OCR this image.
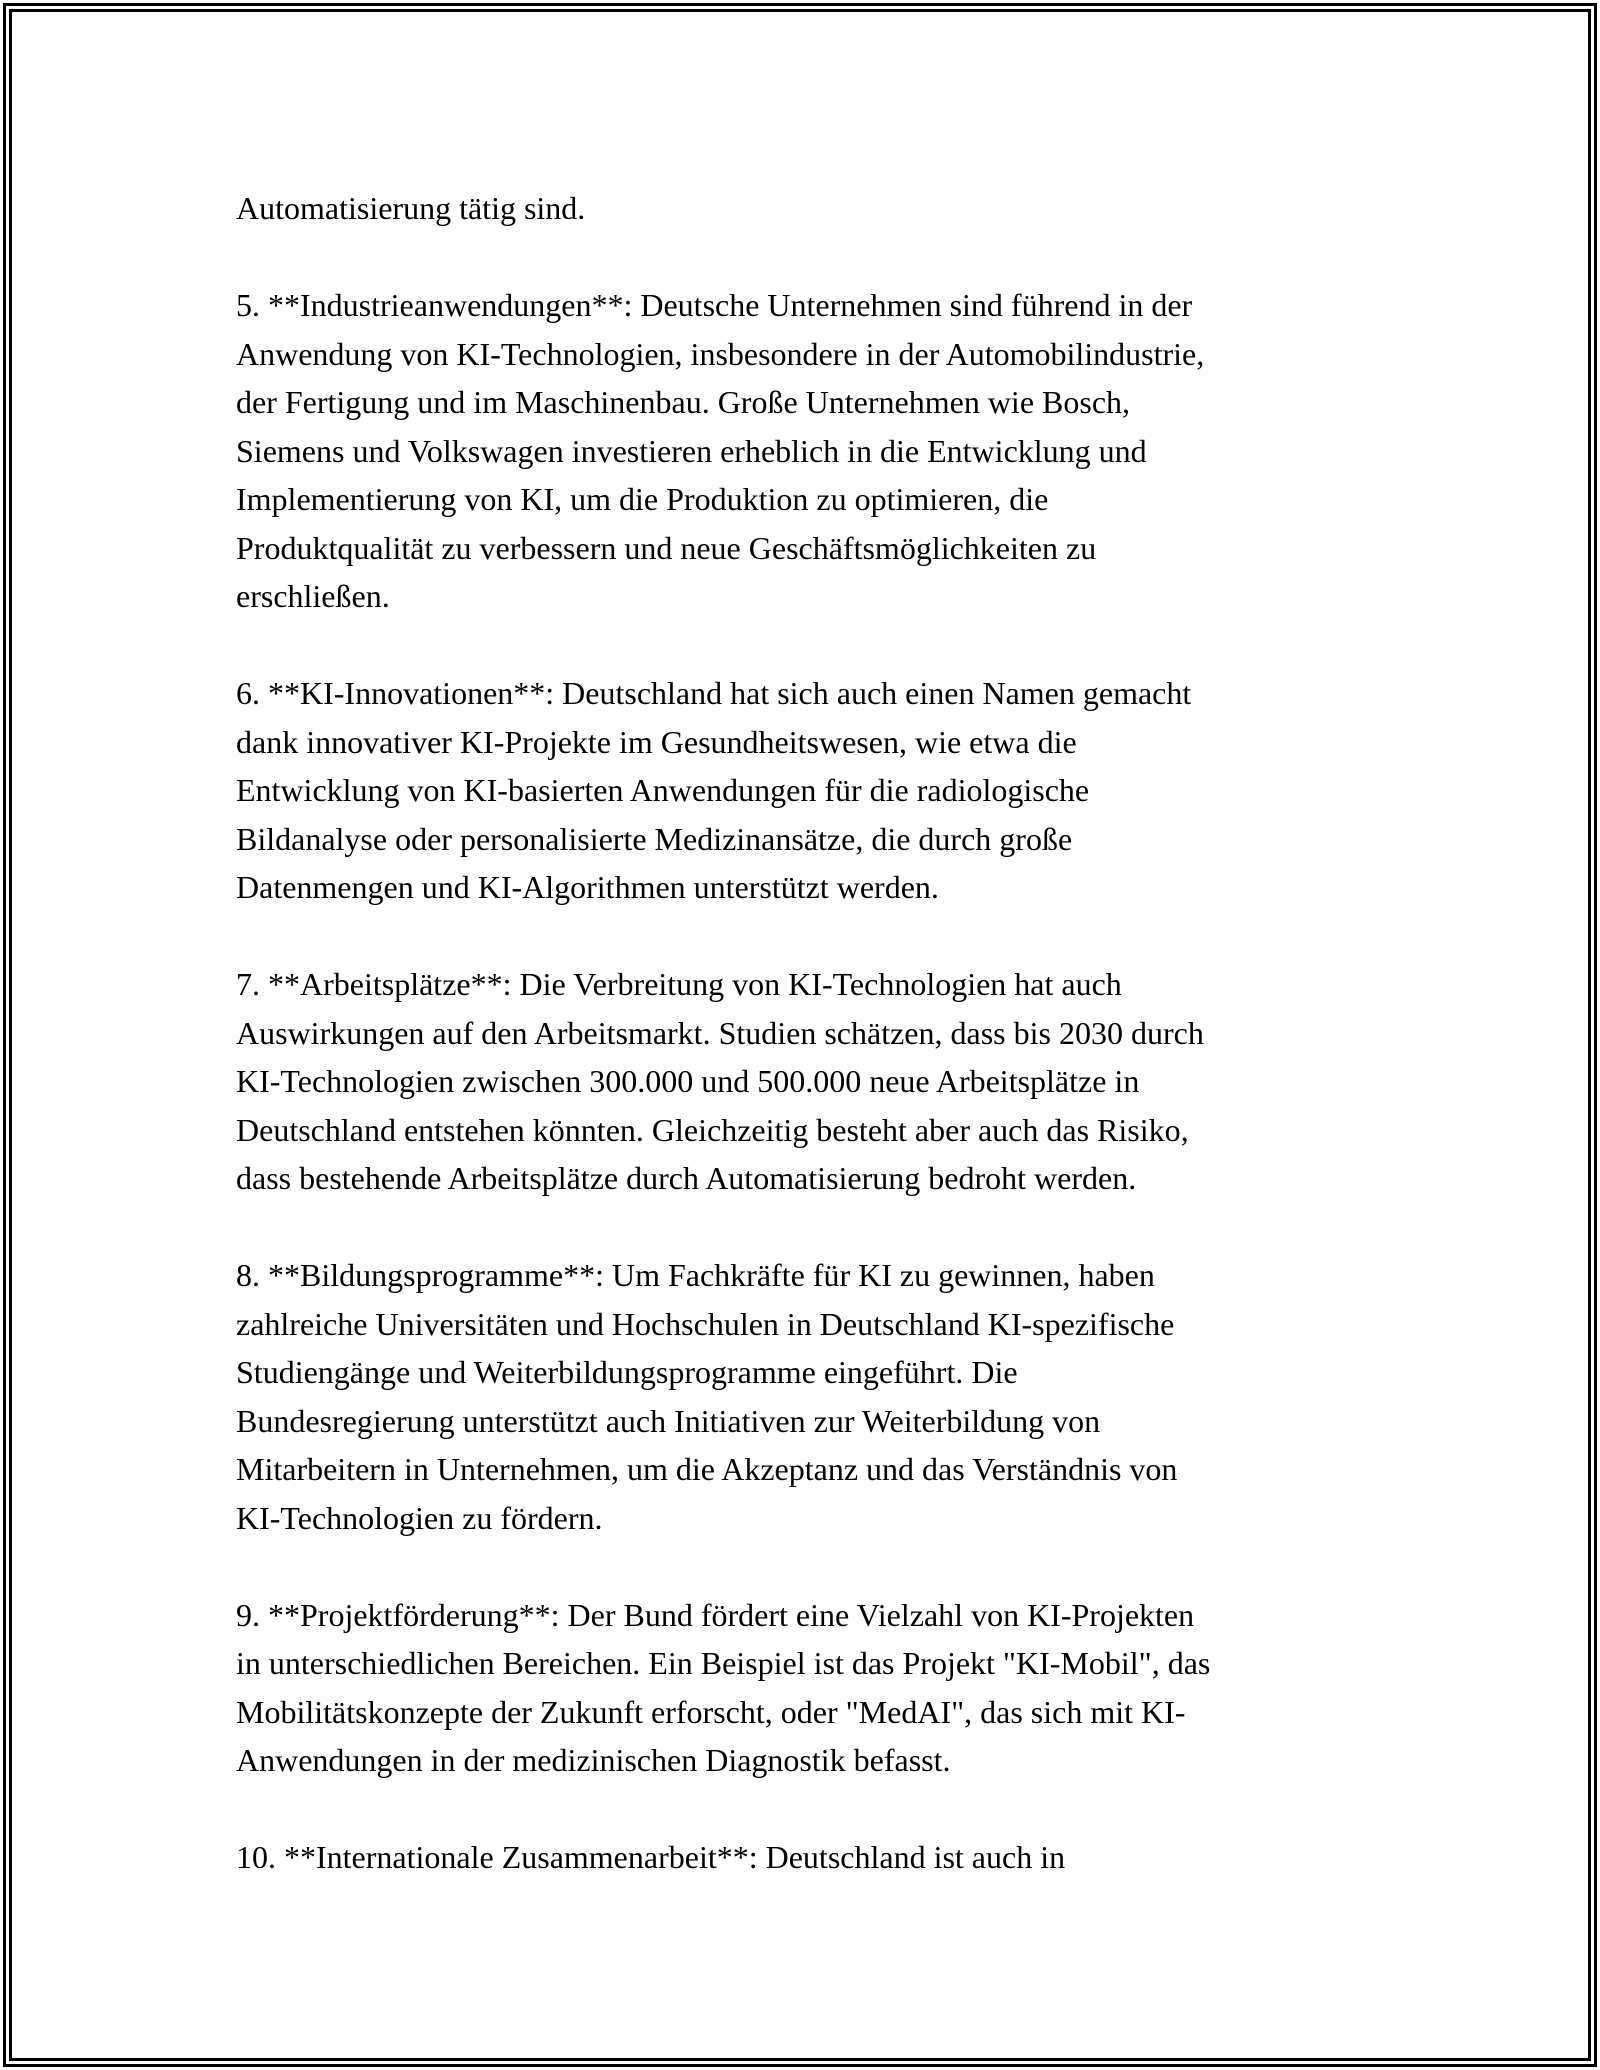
Automatisierung tätig sind.

5. **Industrieanwendungen**: Deutsche Unternehmen sind führend in der
Anwendung von KI-Technologien, insbesondere in der Automobilindustrie,
der Fertigung und im Maschinenbau. Große Unternehmen wie Bosch,
Siemens und Volkswagen investieren erheblich in die Entwicklung und
Implementierung von KI, um die Produktion zu optimieren, die
Produktqualität zu verbessern und neue Geschäftsmöglichkeiten zu
erschließen.

6. **KI-Innovationen**: Deutschland hat sich auch einen Namen gemacht
dank innovativer KI-Projekte im Gesundheitswesen, wie etwa die
Entwicklung von KI-basierten Anwendungen für die radiologische
Bildanalyse oder personalisierte Medizinansätze, die durch große
Datenmengen und KI-Algorithmen unterstützt werden.

7. **Arbeitsplätze**: Die Verbreitung von KI-Technologien hat auch
Auswirkungen auf den Arbeitsmarkt. Studien schätzen, dass bis 2030 durch
KI-Technologien zwischen 300.000 und 500.000 neue Arbeitsplätze in
Deutschland entstehen könnten. Gleichzeitig besteht aber auch das Risiko,
dass bestehende Arbeitsplätze durch Automatisierung bedroht werden.

8. **Bildungsprogramme**: Um Fachkräfte für KI zu gewinnen, haben
zahlreiche Universitäten und Hochschulen in Deutschland KI-spezifische
Studiengänge und Weiterbildungsprogramme eingeführt. Die
Bundesregierung unterstützt auch Initiativen zur Weiterbildung von
Mitarbeitern in Unternehmen, um die Akzeptanz und das Verständnis von
KI-Technologien zu fördern.

9. **Projektförderung**: Der Bund fördert eine Vielzahl von KI-Projekten
in unterschiedlichen Bereichen. Ein Beispiel ist das Projekt "KI-Mobil", das
Mobilitätskonzepte der Zukunft erforscht, oder "MedAI", das sich mit KI-
Anwendungen in der medizinischen Diagnostik befasst.

10. **Internationale Zusammenarbeit**: Deutschland ist auch in
